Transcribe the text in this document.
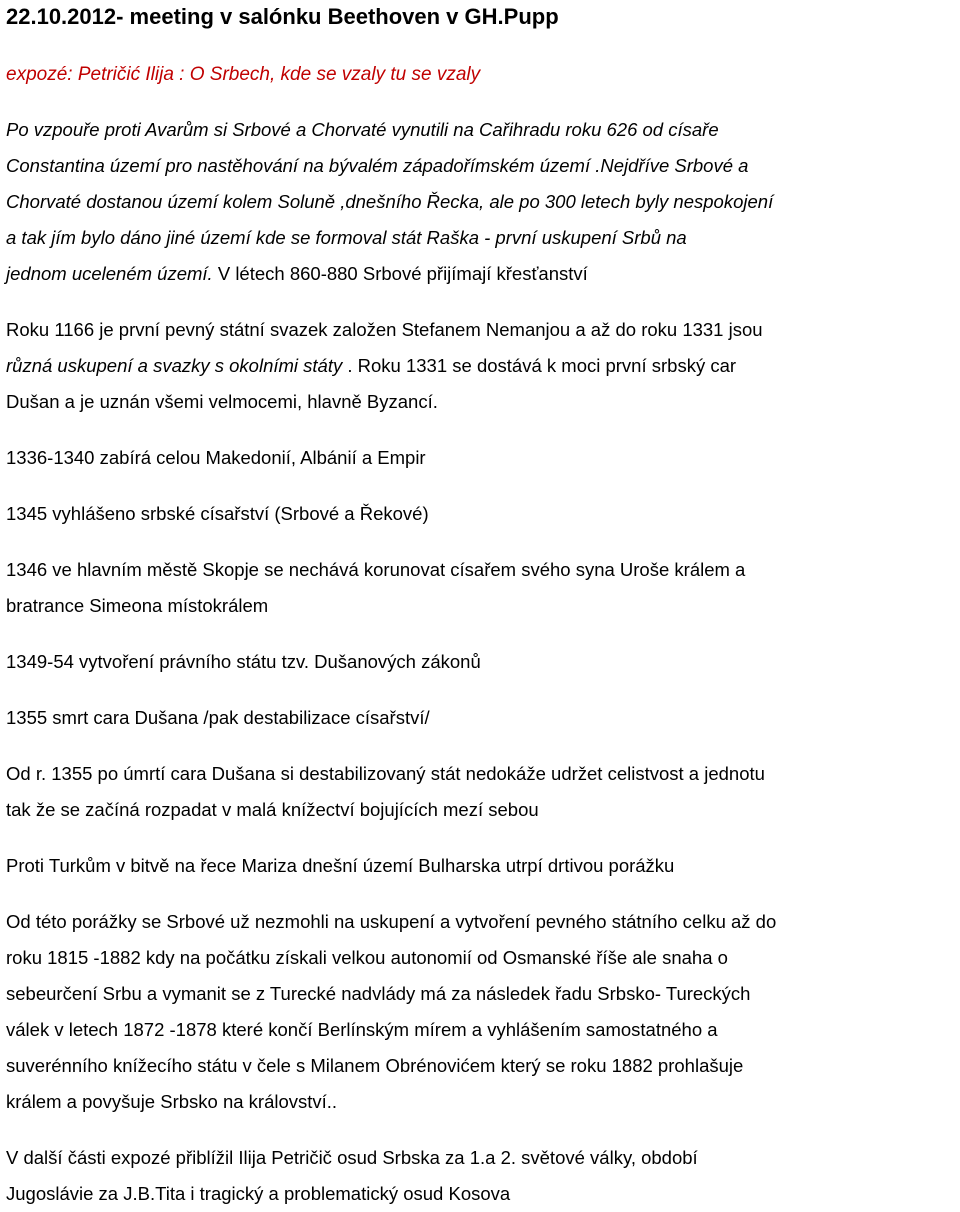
22.10.2012- meeting v salónku Beethoven v GH.Pupp
expozé: Petričić Ilija : O Srbech, kde se vzaly tu se vzaly
Po vzpouře proti Avarům si Srbové a Chorvaté vynutili na Cařihradu roku 626 od císaře
Constantina území pro nastěhování na bývalém západořímském území .Nejdříve Srbové a
Chorvaté dostanou území kolem Soluně ,dnešního Řecka, ale po 300 letech byly nespokojení
a tak jím bylo dáno jiné území kde se formoval stát Raška - první uskupení Srbů na
jednom uceleném území. V létech 860-880 Srbové přijímají křesťanství
Roku 1166 je první pevný státní svazek založen Stefanem Nemanjou a až do roku 1331 jsou
různá uskupení a svazky s okolními státy . Roku 1331 se dostává k moci první srbský car
Dušan a je uznán všemi velmocemi, hlavně Byzancí.
1336-1340 zabírá celou Makedonií, Albánií a Empir
1345 vyhlášeno srbské císařství (Srbové a Řekové)
1346 ve hlavním městě Skopje se nechává korunovat císařem svého syna Uroše králem a
bratrance Simeona místokrálem
1349-54 vytvoření právního státu tzv. Dušanových zákonů
1355 smrt cara Dušana /pak destabilizace císařství/
Od r. 1355 po úmrtí cara Dušana si destabilizovaný stát nedokáže udržet celistvost a jednotu
tak že se začíná rozpadat v malá knížectví bojujících mezí sebou
Proti Turkům v bitvě na řece Mariza dnešní území Bulharska utrpí drtivou porážku
Od této porážky se Srbové už nezmohli na uskupení a vytvoření pevného státního celku až do
roku 1815 -1882 kdy na počátku získali velkou autonomií od Osmanské říše ale snaha o
sebeurčení Srbu a vymanit se z Turecké nadvlády má za následek řadu Srbsko- Tureckých
válek v letech 1872 -1878 které končí Berlínským mírem a vyhlášením samostatného a
suverénního knížecího státu v čele s Milanem Obrénovićem který se roku 1882 prohlašuje
králem a povyšuje Srbsko na království..
V další části expozé přiblížil Ilija Petričič osud Srbska za 1.a 2. světové války, období
Jugoslávie za J.B.Tita i tragický a problematický osud Kosova
